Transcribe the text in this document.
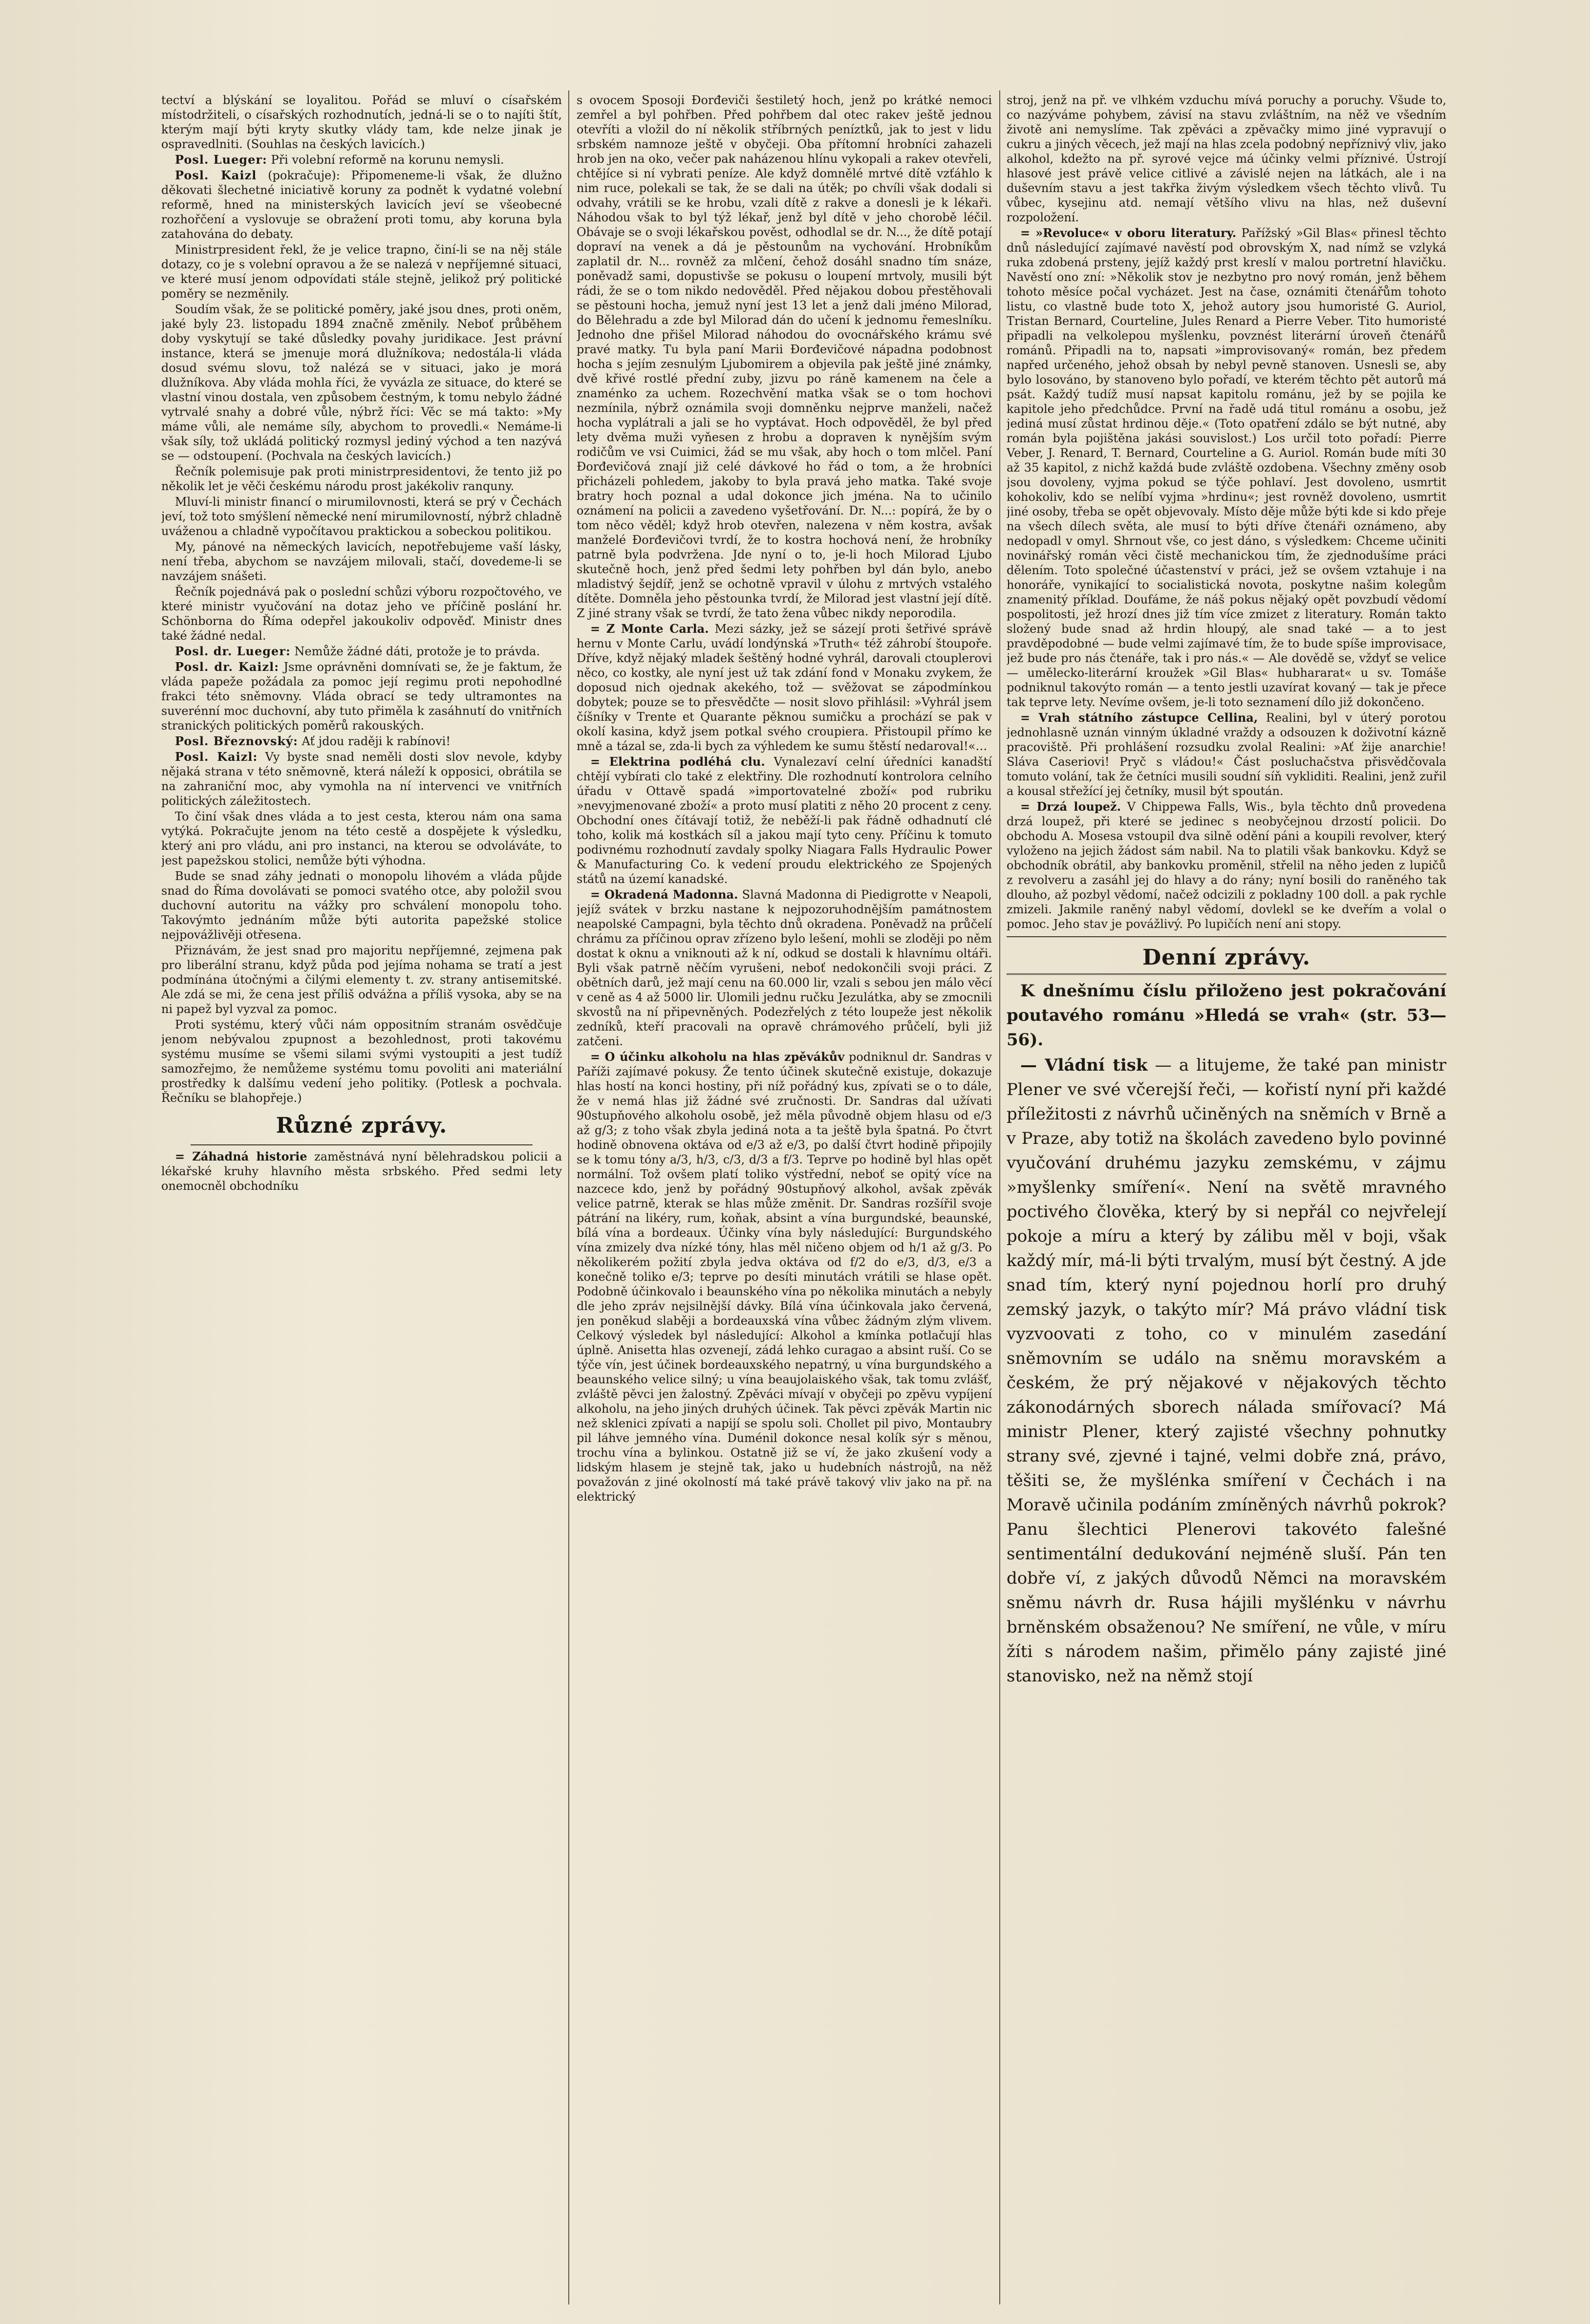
tectví a blýskání se loyalitou. Pořád se mluví o císařském místodržiteli, o císařských rozhodnutích, jedná-li se o to najíti štít, kterým mají býti kryty skutky vlády tam, kde nelze jinak je ospravedlniti. (Souhlas na českých lavicích.)

Posl. Lueger: Při volební reformě na korunu nemysli.

Posl. Kaizl (pokračuje): Připomeneme-li však, že dlužno děkovati šlechetné iniciativě koruny za podnět k vydatné volební reformě, hned na ministerských lavicích jeví se všeobecné rozhořčení a vyslovuje se obražení proti tomu, aby koruna byla zatahována do debaty.

Ministrpresident řekl, že je velice trapno, činí-li se na něj stále dotazy, co je s volební opravou a že se nalezá v nepříjemné situaci, ve které musí jenom odpovídati stále stejně, jelikož prý politické poměry se nezměnily.

Soudím však, že se politické poměry, jaké jsou dnes, proti oněm, jaké byly 23. listopadu 1894 značně změnily. Neboť průběhem doby vyskytují se také důsledky povahy juridikace. Jest právní instance, která se jmenuje morá dlužníkova; nedostála-li vláda dosud svému slovu, tož nalézá se v situaci, jako je morá dlužníkova. Aby vláda mohla říci, že vyvázla ze situace, do které se vlastní vinou dostala, ven způsobem čestným, k tomu nebylo žádné vytrvalé snahy a dobré vůle, nýbrž říci: Věc se má takto: »My máme vůli, ale nemáme síly, abychom to provedli.« Nemáme-li však síly, tož ukládá politický rozmysl jediný východ a ten nazývá se — odstoupení. (Pochvala na českých lavicích.)

Řečník polemisuje pak proti ministrpresidentovi, že tento již po několik let je věči českému národu prost jakékoliv ranquny.

Mluví-li ministr financí o mirumilovnosti, která se prý v Čechách jeví, tož toto smýšlení německé není mirumilovností, nýbrž chladně uváženou a chladně vypočítavou praktickou a sobeckou politikou.

My, pánové na německých lavicích, nepotřebujeme vaší lásky, není třeba, abychom se navzájem milovali, stačí, dovedeme-li se navzájem snášeti.

Řečník pojednává pak o poslední schůzi výboru rozpočtového, ve které ministr vyučování na dotaz jeho ve příčině poslání hr. Schönborna do Říma odepřel jakoukoliv odpověď. Ministr dnes také žádné nedal.

Posl. dr. Lueger: Nemůže žádné dáti, protože je to právda.

Posl. dr. Kaizl: Jsme oprávněni domnívati se, že je faktum, že vláda papeže požádala za pomoc její regimu proti nepohodlné frakci této sněmovny. Vláda obrací se tedy ultramontes na suverénní moc duchovní, aby tuto přiměla k zasáhnutí do vnitřních stranických politických poměrů rakouských.

Posl. Březnovský: Ať jdou raději k rabínovi!

Posl. Kaizl: Vy byste snad neměli dosti slov nevole, kdyby nějaká strana v této sněmovně, která náleží k opposici, obrátila se na zahraniční moc, aby vymohla na ní intervenci ve vnitřních politických záležitostech.

To činí však dnes vláda a to jest cesta, kterou nám ona sama vytýká. Pokračujte jenom na této cestě a dospějete k výsledku, který ani pro vládu, ani pro instanci, na kterou se odvoláváte, to jest papežskou stolici, nemůže býti výhodna.

Bude se snad záhy jednati o monopolu lihovém a vláda půjde snad do Říma dovolávati se pomoci svatého otce, aby položil svou duchovní autoritu na vážky pro schválení monopolu toho. Takovýmto jednáním může býti autorita papežské stolice nejpovážlivěji otřesena.

Přiznávám, že jest snad pro majoritu nepříjemné, zejmena pak pro liberální stranu, když půda pod jejíma nohama se tratí a jest podmínána útočnými a čilými elementy t. zv. strany antisemitské. Ale zdá se mi, že cena jest příliš odvážna a příliš vysoka, aby se na ni papež byl vyzval za pomoc.

Proti systému, který vůči nám oppositním stranám osvědčuje jenom nebývalou zpupnost a bezohlednost, proti takovému systému musíme se všemi silami svými vystoupiti a jest tudíž samozřejmo, že nemůžeme systému tomu povoliti ani materiální prostředky k dalšímu vedení jeho politiky. (Potlesk a pochvala. Řečníku se blahopřeje.)

Různé zprávy.

= Záhadná historie zaměstnává nyní bělehradskou policii a lékařské kruhy hlavního města srbského. Před sedmi lety onemocněl obchodníku

s ovocem Sposoji Đorđeviči šestiletý hoch, jenž po krátké nemoci zemřel a byl pohřben. Před pohřbem dal otec rakev ještě jednou otevříti a vložil do ní několik stříbrných peníztků, jak to jest v lidu srbském namnoze ještě v obyčeji. Oba přítomní hrobníci zahazeli hrob jen na oko, večer pak naházenou hlínu vykopali a rakev otevřeli, chtějíce si ní vybrati peníze. Ale když domnělé mrtvé dítě vzťáhlo k nim ruce, polekali se tak, že se dali na útěk; po chvíli však dodali si odvahy, vrátili se ke hrobu, vzali dítě z rakve a donesli je k lékaři. Náhodou však to byl týž lékař, jenž byl dítě v jeho chorobě léčil. Obávaje se o svoji lékařskou pověst, odhodlal se dr. N..., že dítě potají dopraví na venek a dá je pěstounům na vychování. Hrobníkům zaplatil dr. N... rovněž za mlčení, čehož dosáhl snadno tím snáze, poněvadž sami, dopustivše se pokusu o loupení mrtvoly, musili být rádi, že se o tom nikdo nedověděl. Před nějakou dobou přestěhovali se pěstouni hocha, jemuž nyní jest 13 let a jenž dali jméno Milorad, do Bělehradu a zde byl Milorad dán do učení k jednomu řemeslníku. Jednoho dne přišel Milorad náhodou do ovocnářského krámu své pravé matky. Tu byla paní Marii Đorđevičové nápadna podobnost hocha s jejím zesnulým Ljubomirem a objevila pak ještě jiné známky, dvě křivé rostlé přední zuby, jizvu po ráně kamenem na čele a znaménko za uchem. Rozechvění matka však se o tom hochovi nezmínila, nýbrž oznámila svoji domněnku nejprve manželi, načež hocha vyplátrali a jali se ho vyptávat. Hoch odpověděl, že byl před lety dvěma muži vyňesen z hrobu a dopraven k nynějším svým rodičům ve vsi Cuimici, žád se mu však, aby hoch o tom mlčel. Paní Đorđevičová znají již celé dávkové ho řád o tom, a že hrobníci přicházeli pohledem, jakoby to byla pravá jeho matka. Také svoje bratry hoch poznal a udal dokonce jich jména. Na to učinilo oznámení na policii a zavedeno vyšetřování. Dr. N...: popírá, že by o tom něco věděl; když hrob otevřen, nalezena v něm kostra, avšak manželé Đorđevičovi tvrdí, že to kostra hochová není, že hrobníky patrně byla podvržena. Jde nyní o to, je-li hoch Milorad Ljubo skutečně hoch, jenž před šedmi lety pohřben byl dán bylo, anebo mladistvý šejdíř, jenž se ochotně vpravil v úlohu z mrtvých vstalého dítěte. Domněla jeho pěstounka tvrdí, že Milorad jest vlastní její dítě. Z jiné strany však se tvrdí, že tato žena vůbec nikdy neporodila.

= Z Monte Carla. Mezi sázky, jež se sázejí proti šetřivé správě hernu v Monte Carlu, uvádí londýnská »Truth« též záhrobí štoupoře. Dříve, když nějaký mladek šeštěný hodné vyhrál, darovali ctouplerovi něco, co kostky, ale nyní jest už tak zdání fond v Monaku zvykem, že doposud nich ojednak akekého, tož — svěžovat se zápodmínkou dobytek; pouze se to přesvědčte — nosit slovo přihlásil: »Vyhrál jsem číšníky v Trente et Quarante pěknou sumičku a prochází se pak v okolí kasina, když jsem potkal svého croupiera. Přistoupil přímo ke mně a tázal se, zda-li bych za výhledem ke sumu štěstí nedaroval!«…

= Elektrina podléhá clu. Vynalezaví celní úředníci kanadští chtějí vybírati clo také z elektřiny. Dle rozhodnutí kontrolora celního úřadu v Ottavě spadá »importovatelné zboží« pod rubriku »nevyjmenované zboží« a proto musí platiti z něho 20 procent z ceny. Obchodní ones čítávají totiž, že neběží-li pak řádně odhadnutí clé toho, kolik má kostkách síl a jakou mají tyto ceny. Příčinu k tomuto podivnému rozhodnutí zavdaly spolky Niagara Falls Hydraulic Power & Manufacturing Co. k vedení proudu elektrického ze Spojených států na území kanadské.

= Okradená Madonna. Slavná Madonna di Piedigrotte v Neapoli, jejíž svátek v brzku nastane k nejpozoruhodnějším památnostem neapolské Campagni, byla těchto dnů okradena. Poněvadž na průčelí chrámu za příčinou oprav zřízeno bylo lešení, mohli se zloději po něm dostat k oknu a vniknouti až k ní, odkud se dostali k hlavnímu oltáři. Byli však patrně něčím vyrušeni, neboť nedokončili svoji práci. Z obětních darů, jež mají cenu na 60.000 lir, vzali s sebou jen málo věcí v ceně as 4 až 5000 lir. Ulomili jednu ručku Jezulátka, aby se zmocnili skvostů na ní připevněných. Podezřelých z této loupeže jest několik zedníků, kteří pracovali na opravě chrámového průčelí, byli již zatčeni.

= O účinku alkoholu na hlas zpěvákův podniknul dr. Sandras v Paříži zajímavé pokusy. Že tento účinek skutečně existuje, dokazuje hlas hostí na konci hostiny, při níž pořádný kus, zpívati se o to dále, že v nemá hlas již žádné své zručnosti. Dr. Sandras dal užívati 90stupňového alkoholu osobě, jež měla původně objem hlasu od e/3 až g/3; z toho však zbyla jediná nota a ta ještě byla špatná. Po čtvrt hodině obnovena oktáva od e/3 až e/3, po další čtvrt hodině připojily se k tomu tóny a/3, h/3, c/3, d/3 a f/3. Teprve po hodině byl hlas opět normální. Tož ovšem platí toliko výstřední, neboť se opitý více na nazcece kdo, jenž by pořádný 90stupňový alkohol, avšak zpěvák velice patrně, kterak se hlas může změnit. Dr. Sandras rozšířil svoje pátrání na likéry, rum, koňak, absint a vína burgundské, beaunské, bílá vína a bordeaux. Účinky vína byly následující: Burgundského vína zmizely dva nízké tóny, hlas měl ničeno objem od h/1 až g/3. Po několikerém požití zbyla jedva oktáva od f/2 do e/3, d/3, e/3 a konečně toliko e/3; teprve po desíti minutách vrátili se hlase opět. Podobně účinkovalo i beaunského vína po několika minutách a nebyly dle jeho zpráv nejsilnější dávky. Bílá vína účinkovala jako červená, jen poněkud slaběji a bordeauxská vína vůbec žádným zlým vlivem. Celkový výsledek byl následující: Alkohol a kmínka potlačují hlas úplně. Anisetta hlas ozvenejí, zádá lehko curagao a absint ruší. Co se týče vín, jest účinek bordeauxského nepatrný, u vína burgundského a beaunského velice silný; u vína beaujolaiského však, tak tomu zvlášť, zvláště pěvci jen žalostný. Zpěváci mívají v obyčeji po zpěvu vypíjení alkoholu, na jeho jiných druhých účinek. Tak pěvci zpěvák Martin nic než sklenici zpívati a napijí se spolu soli. Chollet pil pivo, Montaubry pil láhve jemného vína. Duménil dokonce nesal kolík sýr s měnou, trochu vína a bylinkou. Ostatně již se ví, že jako zkušení vody a lidským hlasem je stejně tak, jako u hudebních nástrojů, na něž považován z jiné okolností má také právě takový vliv jako na př. na elektrický

stroj, jenž na př. ve vlhkém vzduchu mívá poruchy a poruchy. Všude to, co nazýváme pohybem, závisí na stavu zvláštním, na něž ve všedním životě ani nemyslíme. Tak zpěváci a zpěvačky mimo jiné vypravují o cukru a jiných věcech, jež mají na hlas zcela podobný nepříznivý vliv, jako alkohol, kdežto na př. syrové vejce má účinky velmi příznivé. Ústrojí hlasové jest právě velice citlivé a závislé nejen na látkách, ale i na duševním stavu a jest takřka živým výsledkem všech těchto vlivů. Tu vůbec, kysejinu atd. nemají většího vlivu na hlas, než duševní rozpoložení.

= »Revoluce« v oboru literatury. Pařížský »Gil Blas« přinesl těchto dnů následující zajímavé navěstí pod obrovským X, nad nímž se vzlyká ruka zdobená prsteny, jejíž každý prst kreslí v malou portretní hlavičku. Navěstí ono zní: »Několik stov je nezbytno pro nový román, jenž během tohoto měsíce počal vycházet. Jest na čase, oznámiti čtenářům tohoto listu, co vlastně bude toto X, jehož autory jsou humoristé G. Auriol, Tristan Bernard, Courteline, Jules Renard a Pierre Veber. Tito humoristé připadli na velkolepou myšlenku, povznést literární úroveň čtenářů románů. Připadli na to, napsati »improvisovaný« román, bez předem napřed určeného, jehož obsah by nebyl pevně stanoven. Usnesli se, aby bylo losováno, by stanoveno bylo pořadí, ve kterém těchto pět autorů má psát. Každý tudíž musí napsat kapitolu románu, jež by se pojila ke kapitole jeho předchůdce. První na řadě udá titul románu a osobu, jež jediná musí zůstat hrdinou děje.« (Toto opatření zdálo se být nutné, aby román byla pojištěna jakási souvislost.) Los určil toto pořadí: Pierre Veber, J. Renard, T. Bernard, Courteline a G. Auriol. Román bude míti 30 až 35 kapitol, z nichž každá bude zvláště ozdobena. Všechny změny osob jsou dovoleny, vyjma pokud se týče pohlaví. Jest dovoleno, usmrtit kohokoliv, kdo se nelíbí vyjma »hrdinu«; jest rovněž dovoleno, usmrtit jiné osoby, třeba se opět objevovaly. Místo děje může býti kde si kdo přeje na všech dílech světa, ale musí to býti dříve čtenáři oznámeno, aby nedopadl v omyl. Shrnout vše, co jest dáno, s výsledkem: Chceme učiniti novinářský román věci čistě mechanickou tím, že zjednodušíme práci dělením. Toto společné účastenství v práci, jež se ovšem vztahuje i na honoráře, vynikající to socialistická novota, poskytne našim kolegům znamenitý příklad. Doufáme, že náš pokus nějaký opět povzbudí vědomí pospolitosti, jež hrozí dnes již tím více zmizet z literatury. Román takto složený bude snad až hrdin hloupý, ale snad také — a to jest pravděpodobné — bude velmi zajímavé tím, že to bude spíše improvisace, jež bude pro nás čtenáře, tak i pro nás.« — Ale dovědě se, vždyť se velice — umělecko-literární kroužek »Gil Blas« hubhararat« u sv. Tomáše podniknul takovýto román — a tento jestli uzavírat kovaný — tak je přece tak teprve lety. Nevíme ovšem, je-li toto seznamení dílo již dokončeno.

= Vrah státního zástupce Cellina, Realini, byl v úterý porotou jednohlasně uznán vinným úkladné vraždy a odsouzen k doživotní kázně pracoviště. Při prohlášení rozsudku zvolal Realini: »Ať žije anarchie! Sláva Caseriovi! Pryč s vládou!« Část posluchačstva přisvědčovala tomuto volání, tak že četníci musili soudní síň vykliditi. Realini, jenž zuřil a kousal střežící jej četníky, musil být spoután.

= Drzá loupež. V Chippewa Falls, Wis., byla těchto dnů provedena drzá loupež, při které se jedinec s neobyčejnou drzostí policii. Do obchodu A. Mosesa vstoupil dva silně odění páni a koupili revolver, který vyloženo na jejich žádost sám nabil. Na to platili však bankovku. Když se obchodník obrátil, aby bankovku proměnil, střelil na něho jeden z lupičů z revolveru a zasáhl jej do hlavy a do rány; nyní bosili do raněného tak dlouho, až pozbyl vědomí, načež odcizili z pokladny 100 doll. a pak rychle zmizeli. Jakmile raněný nabyl vědomí, dovlekl se ke dveřím a volal o pomoc. Jeho stav je povážlivý. Po lupičích není ani stopy.

Denní zprávy.

K dnešnímu číslu přiloženo jest pokračování poutavého románu »Hledá se vrah« (str. 53—56).

— Vládní tisk — a litujeme, že také pan ministr Plener ve své včerejší řeči, — kořistí nyní při každé příležitosti z návrhů učiněných na sněmích v Brně a v Praze, aby totiž na školách zavedeno bylo povinné vyučování druhému jazyku zemskému, v zájmu »myšlenky smíření«. Není na světě mravného poctivého člověka, který by si nepřál co nejvřelejí pokoje a míru a který by zálibu měl v boji, však každý mír, má-li býti trvalým, musí být čestný. A jde snad tím, který nyní pojednou horlí pro druhý zemský jazyk, o takýto mír? Má právo vládní tisk vyzvoovati z toho, co v minulém zasedání sněmovním se událo na sněmu moravském a českém, že prý nějakové v nějakových těchto zákonodárných sborech nálada smířovací? Má ministr Plener, který zajisté všechny pohnutky strany své, zjevné i tajné, velmi dobře zná, právo, těšiti se, že myšlénka smíření v Čechách i na Moravě učinila podáním zmíněných návrhů pokrok? Panu šlechtici Plenerovi takovéto falešné sentimentální dedukování nejméně sluší. Pán ten dobře ví, z jakých důvodů Němci na moravském sněmu návrh dr. Rusa hájili myšlénku v návrhu brněnském obsaženou? Ne smíření, ne vůle, v míru žíti s národem našim, přimělo pány zajisté jiné stanovisko, než na němž stojí
